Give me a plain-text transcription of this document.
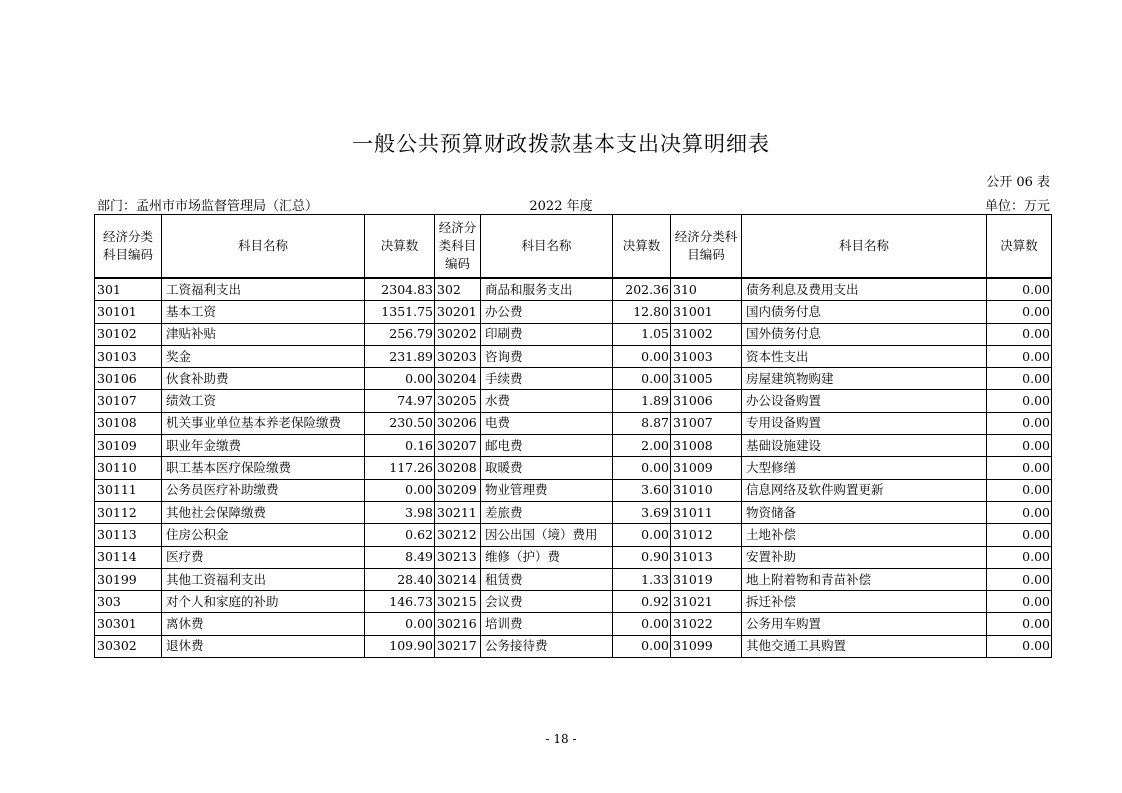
一般公共预算财政拨款基本支出决算明细表
公开 06 表
部门：孟州市市场监督管理局（汇总）	2022 年度	单位：万元
经济分类科目编码	科目名称	决算数	经济分类科目编码	科目名称	决算数	经济分类科目编码	科目名称	决算数
301	工资福利支出	2304.83	302	商品和服务支出	202.36	310	债务利息及费用支出	0.00
30101	基本工资	1351.75	30201	办公费	12.80	31001	国内债务付息	0.00
30102	津贴补贴	256.79	30202	印刷费	1.05	31002	国外债务付息	0.00
30103	奖金	231.89	30203	咨询费	0.00	31003	资本性支出	0.00
30106	伙食补助费	0.00	30204	手续费	0.00	31005	房屋建筑物购建	0.00
30107	绩效工资	74.97	30205	水费	1.89	31006	办公设备购置	0.00
30108	机关事业单位基本养老保险缴费	230.50	30206	电费	8.87	31007	专用设备购置	0.00
30109	职业年金缴费	0.16	30207	邮电费	2.00	31008	基础设施建设	0.00
30110	职工基本医疗保险缴费	117.26	30208	取暖费	0.00	31009	大型修缮	0.00
30111	公务员医疗补助缴费	0.00	30209	物业管理费	3.60	31010	信息网络及软件购置更新	0.00
30112	其他社会保障缴费	3.98	30211	差旅费	3.69	31011	物资储备	0.00
30113	住房公积金	0.62	30212	因公出国（境）费用	0.00	31012	土地补偿	0.00
30114	医疗费	8.49	30213	维修（护）费	0.90	31013	安置补助	0.00
30199	其他工资福利支出	28.40	30214	租赁费	1.33	31019	地上附着物和青苗补偿	0.00
303	对个人和家庭的补助	146.73	30215	会议费	0.92	31021	拆迁补偿	0.00
30301	离休费	0.00	30216	培训费	0.00	31022	公务用车购置	0.00
30302	退休费	109.90	30217	公务接待费	0.00	31099	其他交通工具购置	0.00
- 18 -
